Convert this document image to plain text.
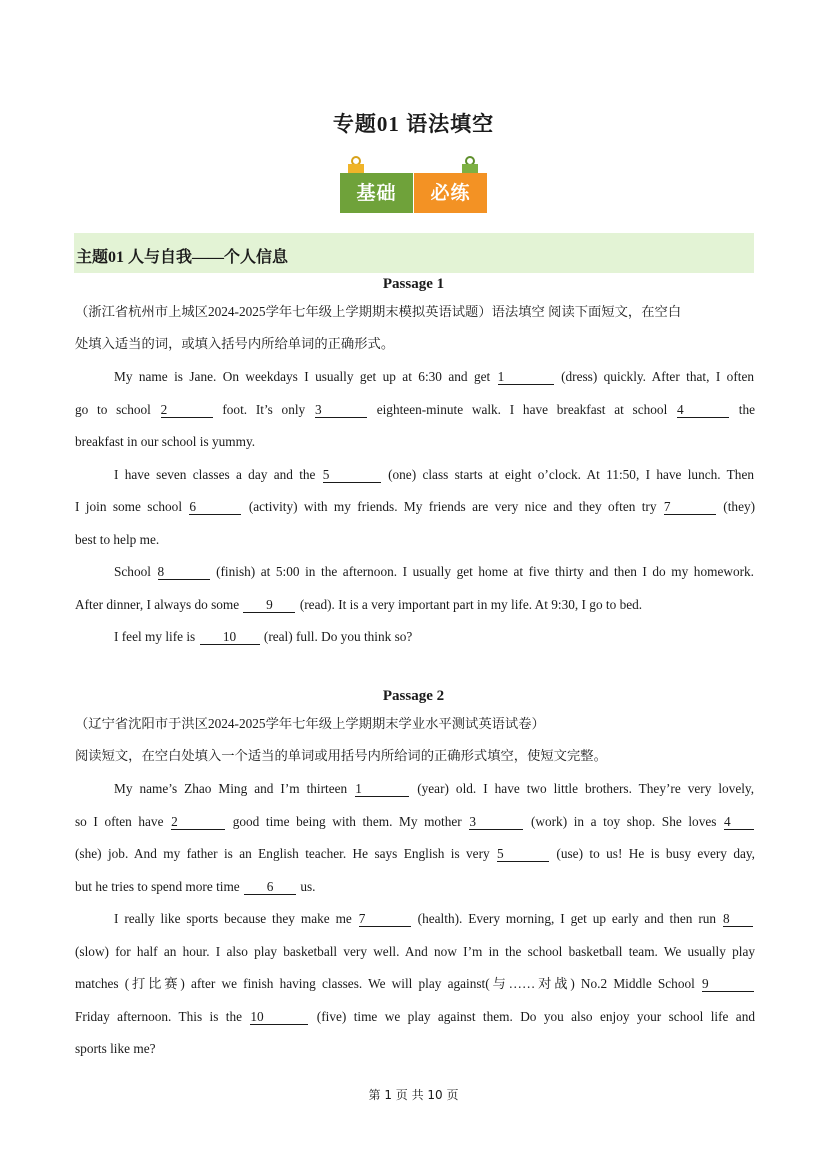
专题01 语法填空
基础	必练
主题01 人与自我——个人信息
Passage 1
（浙江省杭州市上城区2024-2025学年七年级上学期期末模拟英语试题）语法填空 阅读下面短文，在空白
处填入适当的词，或填入括号内所给单词的正确形式。
My name is Jane. On weekdays I usually get up at 6:30 and get 1	(dress) quickly. After that, I often
go to school 2	foot. It’s only 3	eighteen-minute walk. I have breakfast at school 4	the
breakfast in our school is yummy.
I have seven classes a day and the 5	(one) class starts at eight o’clock. At 11:50, I have lunch. Then
I join some school 6	(activity) with my friends. My friends are very nice and they often try 7	(they)
best to help me.
School 8	(finish) at 5:00 in the afternoon. I usually get home at five thirty and then I do my homework.
After dinner, I always do some 9 (read). It is a very important part in my life. At 9:30, I go to bed.
I feel my life is 10 (real) full. Do you think so?
Passage 2
（辽宁省沈阳市于洪区2024-2025学年七年级上学期期末学业水平测试英语试卷）
阅读短文，在空白处填入一个适当的单词或用括号内所给词的正确形式填空，使短文完整。
My name’s Zhao Ming and I’m thirteen 1	(year) old. I have two little brothers. They’re very lovely,
so I often have 2	good time being with them. My mother 3	(work) in a toy shop. She loves 4
(she) job. And my father is an English teacher. He says English is very 5	(use) to us! He is busy every day,
but he tries to spend more time 6 us.
I really like sports because they make me 7	(health). Every morning, I get up early and then run 8
(slow) for half an hour. I also play basketball very well. And now I’m in the school basketball team. We usually play
matches (打比赛) after we finish having classes. We will play against(与……对战) No.2 Middle School 9
Friday afternoon. This is the 10	(five) time we play against them. Do you also enjoy your school life and
sports like me?
第 1 页 共 10 页
